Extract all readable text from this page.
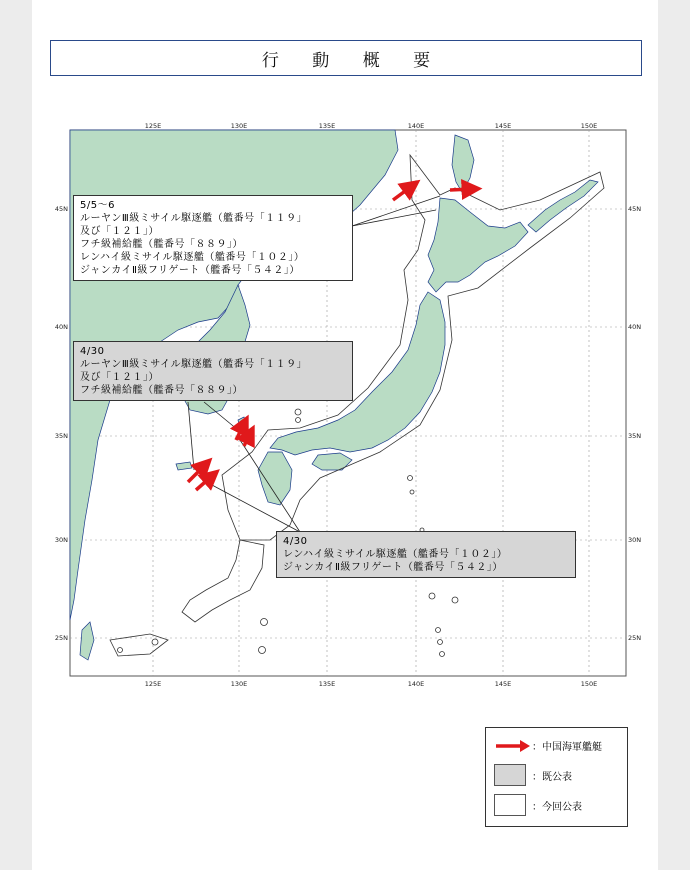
行 動 概 要
125E	130E	135E	140E	145E	150E
125E	130E	135E	140E	145E	150E
45N
40N
35N
30N
25N
45N
40N
35N
30N
25N
5/5～6
ルーヤンⅢ級ミサイル駆逐艦（艦番号「１１９」
及び「１２１」）
フチ級補給艦（艦番号「８８９」）
レンハイ級ミサイル駆逐艦（艦番号「１０２」）
ジャンカイⅡ級フリゲート（艦番号「５４２」）
4/30
ルーヤンⅢ級ミサイル駆逐艦（艦番号「１１９」
及び「１２１」）
フチ級補給艦（艦番号「８８９」）
4/30
レンハイ級ミサイル駆逐艦（艦番号「１０２」）
ジャンカイⅡ級フリゲート（艦番号「５４２」）
：中国海軍艦艇
：既公表
：今回公表
